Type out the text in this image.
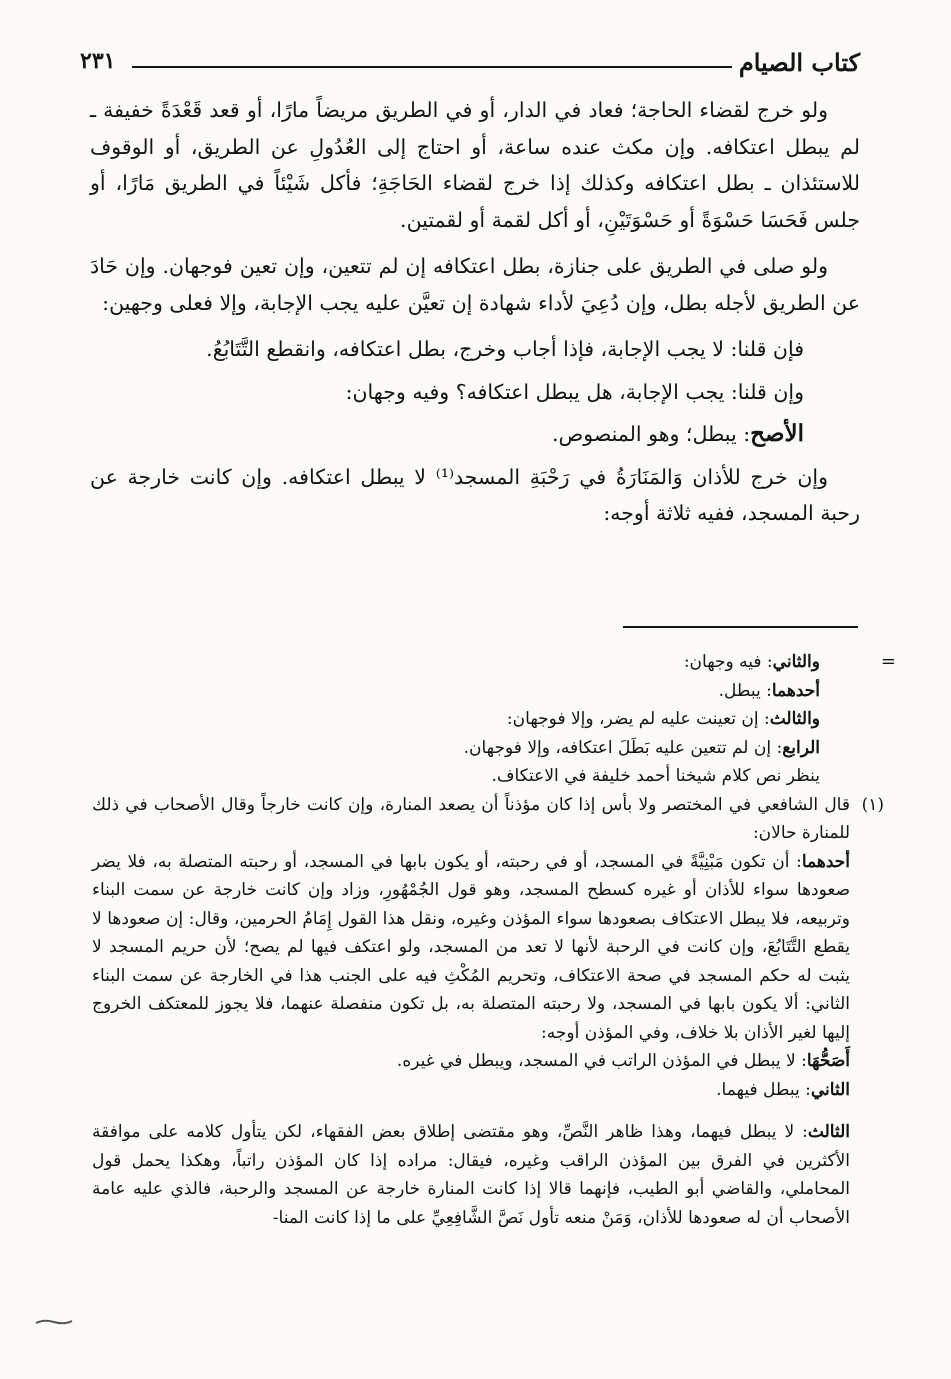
كتاب الصيام
٢٣١

ولو خرج لقضاء الحاجة؛ فعاد في الدار، أو في الطريق مريضاً مارًا، أو قعد قَعْدَةً خفيفة ـ لم يبطل اعتكافه. وإن مكث عنده ساعة، أو احتاج إلى العُدُولِ عن الطريق، أو الوقوف للاستئذان ـ بطل اعتكافه وكذلك إذا خرج لقضاء الحَاجَةِ؛ فأكل شَيْئاً في الطريق مَارًا، أو جلس فَحَسَا حَسْوَةً أو حَسْوَتَيْنِ، أو أكل لقمة أو لقمتين.

ولو صلى في الطريق على جنازة، بطل اعتكافه إن لم تتعين، وإن تعين فوجهان. وإن حَادَ عن الطريق لأجله بطل، وإن دُعِيَ لأداء شهادة إن تعيَّن عليه يجب الإجابة، وإلا فعلى وجهين:

فإن قلنا: لا يجب الإجابة، فإذا أجاب وخرج، بطل اعتكافه، وانقطع التَّتَابُعُ.

وإن قلنا: يجب الإجابة، هل يبطل اعتكافه؟ وفيه وجهان:

الأصح: يبطل؛ وهو المنصوص.

وإن خرج للأذان وَالمَنَارَةُ في رَحْبَةِ المسجد⁽¹⁾ لا يبطل اعتكافه. وإن كانت خارجة عن رحبة المسجد، ففيه ثلاثة أوجه:

=
والثاني: فيه وجهان:
أحدهما: يبطل.
والثالث: إن تعينت عليه لم يضر، وإلا فوجهان:
الرابع: إن لم تتعين عليه بَطَلَ اعتكافه، وإلا فوجهان.
ينظر نص كلام شيخنا أحمد خليفة في الاعتكاف.
(١)
قال الشافعي في المختصر ولا بأس إذا كان مؤذناً أن يصعد المنارة، وإن كانت خارجاً وقال الأصحاب في ذلك للمنارة حالان:
أحدهما: أن تكون مَبْنِيَّةً في المسجد، أو في رحبته، أو يكون بابها في المسجد، أو رحبته المتصلة به، فلا يضر صعودها سواء للأذان أو غيره كسطح المسجد، وهو قول الجُمْهُورِ، وزاد وإن كانت خارجة عن سمت البناء وتربيعه، فلا يبطل الاعتكاف بصعودها سواء المؤذن وغيره، ونقل هذا القول إِمَامُ الحرمين، وقال: إن صعودها لا يقطع التَّتَابُعَ، وإن كانت في الرحبة لأنها لا تعد من المسجد، ولو اعتكف فيها لم يصح؛ لأن حريم المسجد لا يثبت له حكم المسجد في صحة الاعتكاف، وتحريم المُكْثِ فيه على الجنب هذا في الخارجة عن سمت البناء الثاني: ألا يكون بابها في المسجد، ولا رحبته المتصلة به، بل تكون منفصلة عنهما، فلا يجوز للمعتكف الخروج إليها لغير الأذان بلا خلاف، وفي المؤذن أوجه:
أَصَحُّهَا: لا يبطل في المؤذن الراتب في المسجد، ويبطل في غيره.
الثاني: يبطل فيهما.
الثالث: لا يبطل فيهما، وهذا ظاهر النَّصِّ، وهو مقتضى إطلاق بعض الفقهاء، لكن يتأول كلامه على موافقة الأكثرين في الفرق بين المؤذن الراقب وغيره، فيقال: مراده إذا كان المؤذن راتباً، وهكذا يحمل قول المحاملي، والقاضي أبو الطيب، فإنهما قالا إذا كانت المنارة خارجة عن المسجد والرحبة، فالذي عليه عامة الأصحاب أن له صعودها للأذان، وَمَنْ منعه تأول نَصَّ الشَّافِعِيِّ على ما إذا كانت المنا-
